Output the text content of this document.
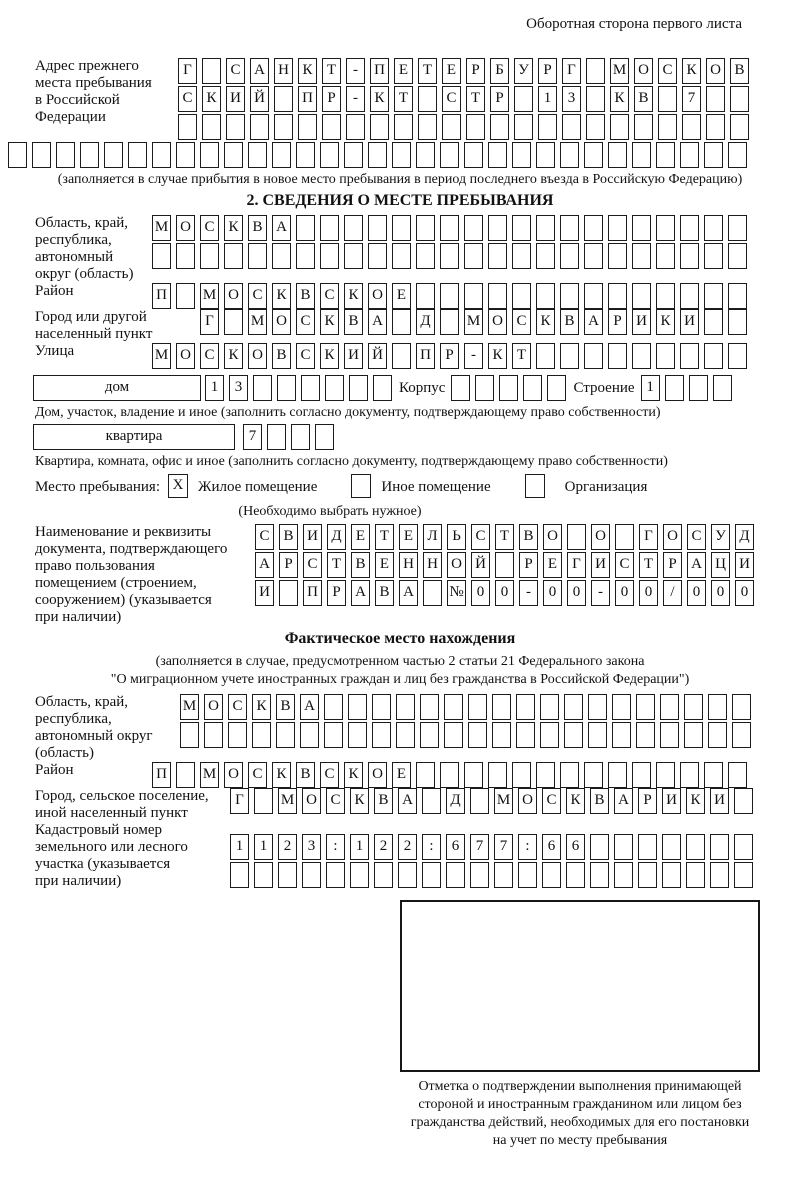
Оборотная сторона первого листа
Адрес прежнего
места пребывания
в Российской
Федерации
Г	С А Н К Т - П Е Т Е Р Б У Р Г М О С К О В
С К И Й П Р - К Т	С Т Р	1 3	К В	7
(заполняется в случае прибытия в новое место пребывания в период последнего въезда в Российскую Федерацию)
2. СВЕДЕНИЯ О МЕСТЕ ПРЕБЫВАНИЯ
Область, край,
республика,
автономный
округ (область)
М О С К В А
Район	П М О С К В С К О Е
Город или другой
населенный пункт
Г М О С К В А Д М О С К В А Р И К И
Улица	М О С К О В С К И Й П Р - К Т
дом	1 3	Корпус	Строение 1
Дом, участок, владение и иное (заполнить согласно документу, подтверждающему право собственности)
квартира	7
Квартира, комната, офис и иное (заполнить согласно документу, подтверждающему право собственности)
Место пребывания: X Жилое помещение	Иное помещение	Организация
(Необходимо выбрать нужное)
Наименование и реквизиты
документа, подтверждающего
право пользования
помещением (строением,
сооружением) (указывается
при наличии)
С В И Д Е Т Е Л Ь С Т В О О	Г О С У Д
А Р С Т В Е Н Н О Й	Р Е Г И С Т Р А Ц И
И П Р А В А № 0 0 - 0 0 - 0 0 / 0 0 0
Фактическое место нахождения
(заполняется в случае, предусмотренном частью 2 статьи 21 Федерального закона
"О миграционном учете иностранных граждан и лиц без гражданства в Российской Федерации")
Область, край,
республика,
автономный округ
(область)
М О С К В А
Район	П М О С К В С К О Е
Город, сельское поселение,
иной населенный пункт
Г М О С К В А Д М О С К В А Р И К И
Кадастровый номер
земельного или лесного
участка (указывается
при наличии)
1 1 2 3 : 1 2 2 : 6 7 7 : 6 6
Отметка о подтверждении выполнения принимающей
стороной и иностранным гражданином или лицом без
гражданства действий, необходимых для его постановки
на учет по месту пребывания
